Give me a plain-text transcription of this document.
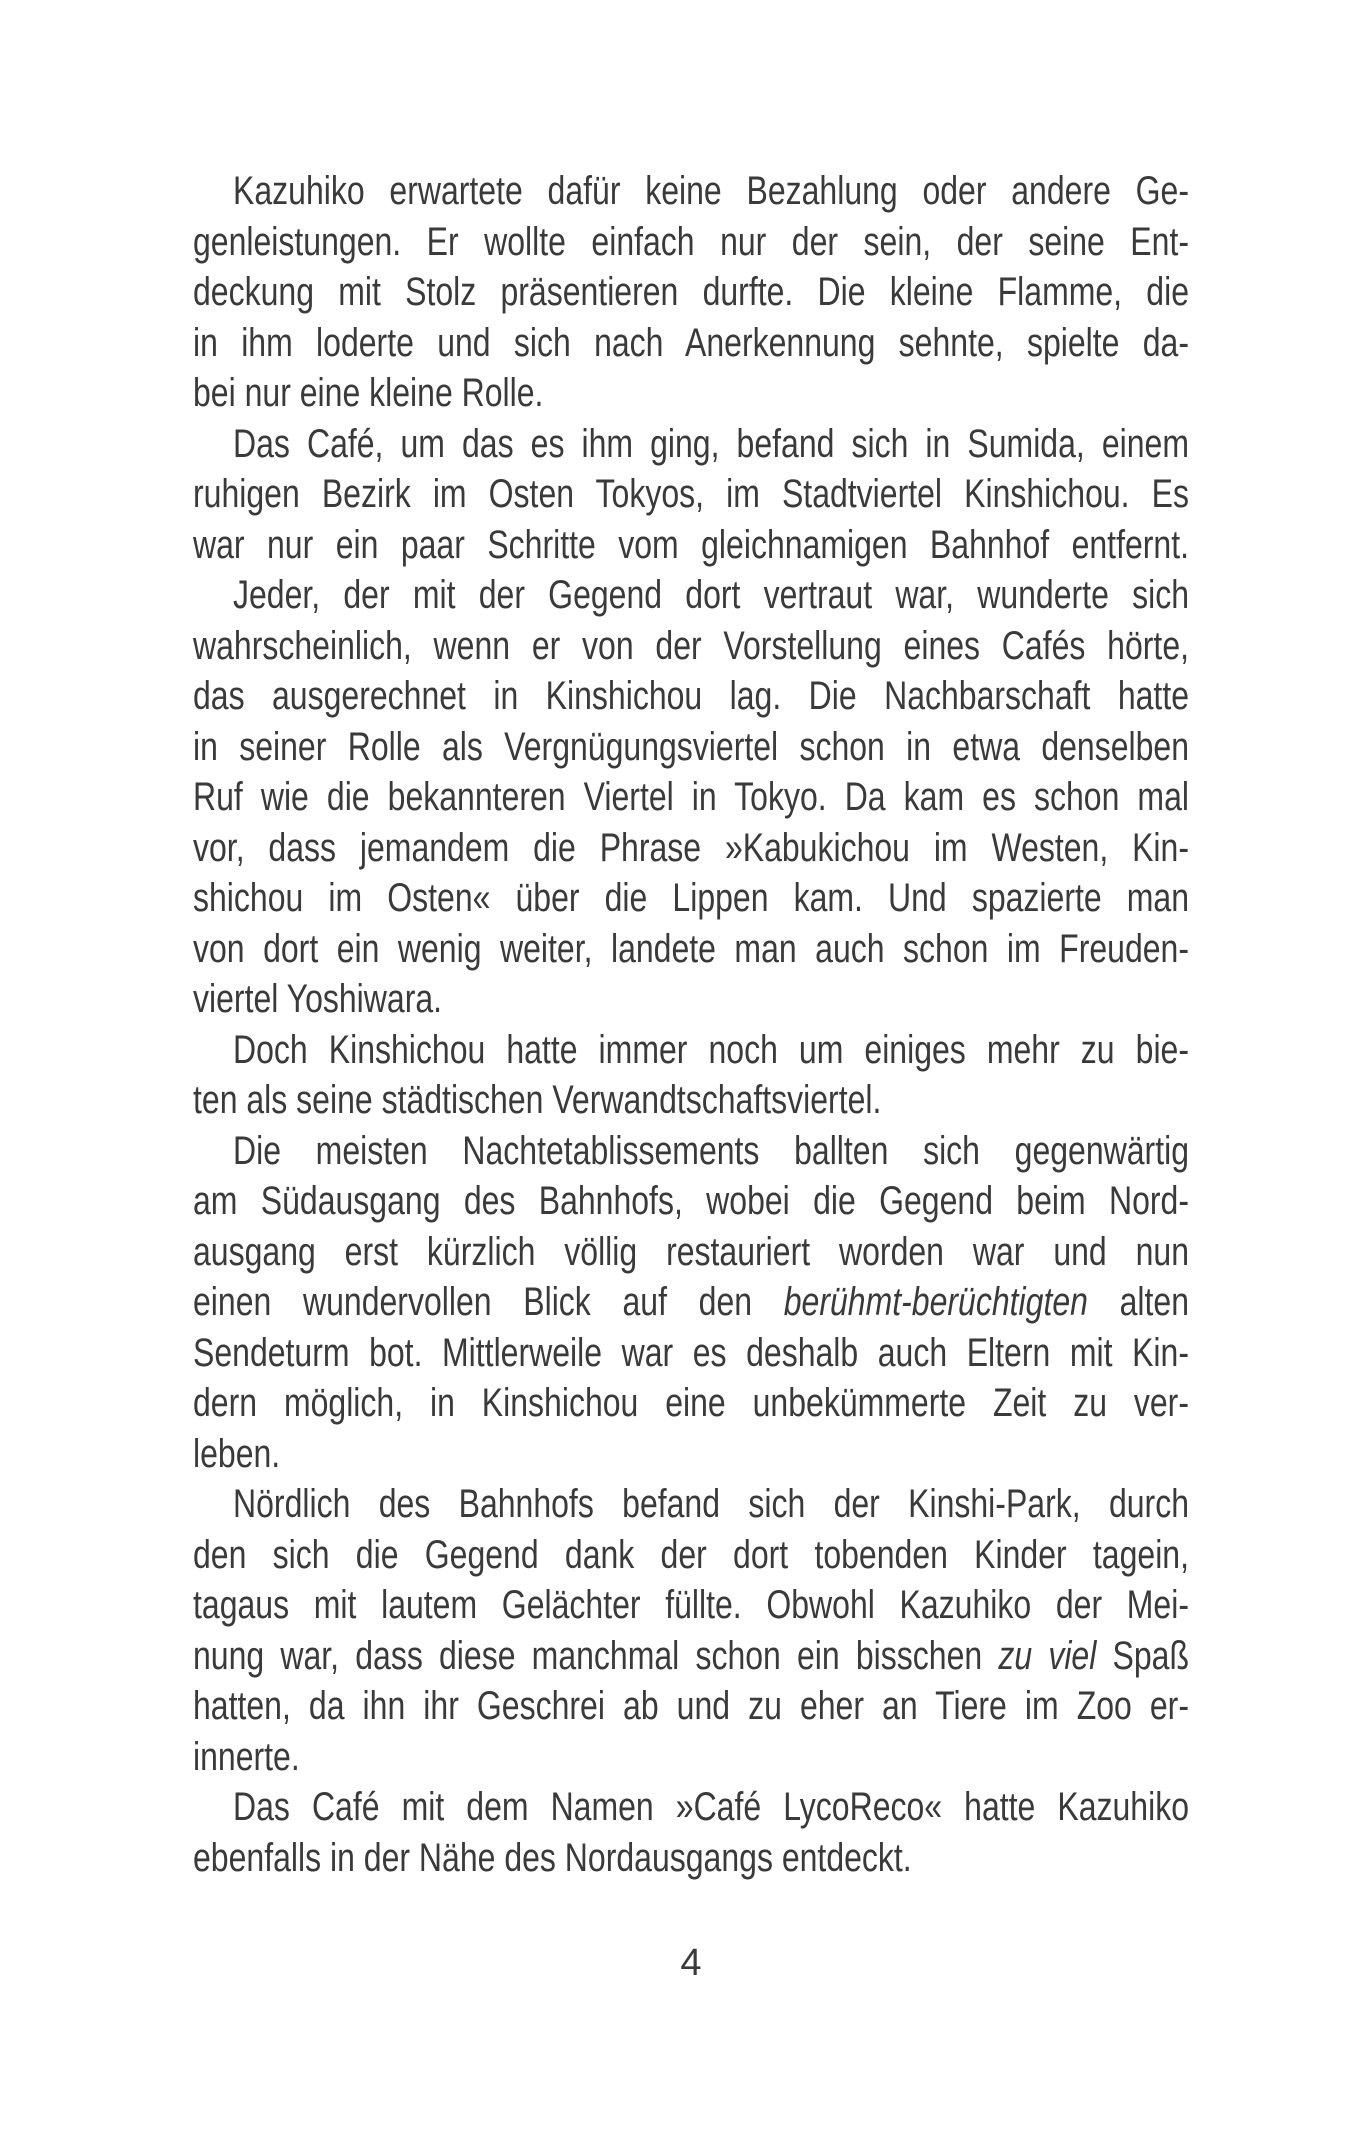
Kazuhiko erwartete dafür keine Bezahlung oder andere Ge-
genleistungen. Er wollte einfach nur der sein, der seine Ent-
deckung mit Stolz präsentieren durfte. Die kleine Flamme, die
in ihm loderte und sich nach Anerkennung sehnte, spielte da-
bei nur eine kleine Rolle.
Das Café, um das es ihm ging, befand sich in Sumida, einem
ruhigen Bezirk im Osten Tokyos, im Stadtviertel Kinshichou. Es
war nur ein paar Schritte vom gleichnamigen Bahnhof entfernt.
Jeder, der mit der Gegend dort vertraut war, wunderte sich
wahrscheinlich, wenn er von der Vorstellung eines Cafés hörte,
das ausgerechnet in Kinshichou lag. Die Nachbarschaft hatte
in seiner Rolle als Vergnügungsviertel schon in etwa denselben
Ruf wie die bekannteren Viertel in Tokyo. Da kam es schon mal
vor, dass jemandem die Phrase »Kabukichou im Westen, Kin-
shichou im Osten« über die Lippen kam. Und spazierte man
von dort ein wenig weiter, landete man auch schon im Freuden-
viertel Yoshiwara.
Doch Kinshichou hatte immer noch um einiges mehr zu bie-
ten als seine städtischen Verwandtschaftsviertel.
Die meisten Nachtetablissements ballten sich gegenwärtig
am Südausgang des Bahnhofs, wobei die Gegend beim Nord-
ausgang erst kürzlich völlig restauriert worden war und nun
einen wundervollen Blick auf den berühmt-berüchtigten alten
Sendeturm bot. Mittlerweile war es deshalb auch Eltern mit Kin-
dern möglich, in Kinshichou eine unbekümmerte Zeit zu ver-
leben.
Nördlich des Bahnhofs befand sich der Kinshi-Park, durch
den sich die Gegend dank der dort tobenden Kinder tagein,
tagaus mit lautem Gelächter füllte. Obwohl Kazuhiko der Mei-
nung war, dass diese manchmal schon ein bisschen zu viel Spaß
hatten, da ihn ihr Geschrei ab und zu eher an Tiere im Zoo er-
innerte.
Das Café mit dem Namen »Café LycoReco« hatte Kazuhiko
ebenfalls in der Nähe des Nordausgangs entdeckt.
4
